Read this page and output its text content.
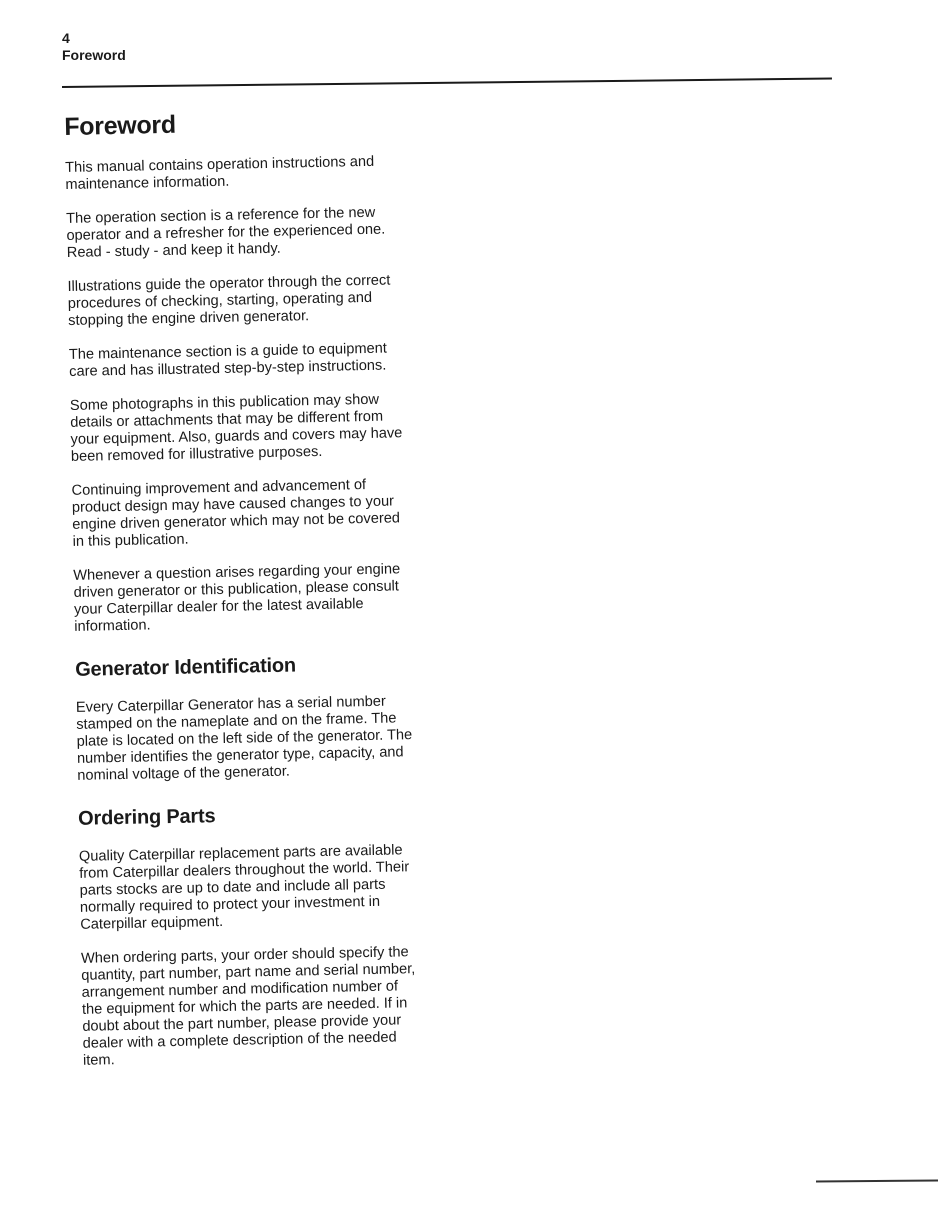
4
Foreword
Foreword

This manual contains operation instructions and
maintenance information.

The operation section is a reference for the new
operator and a refresher for the experienced one.
Read - study - and keep it handy.

Illustrations guide the operator through the correct
procedures of checking, starting, operating and
stopping the engine driven generator.

The maintenance section is a guide to equipment
care and has illustrated step-by-step instructions.

Some photographs in this publication may show
details or attachments that may be different from
your equipment. Also, guards and covers may have
been removed for illustrative purposes.

Continuing improvement and advancement of
product design may have caused changes to your
engine driven generator which may not be covered
in this publication.

Whenever a question arises regarding your engine
driven generator or this publication, please consult
your Caterpillar dealer for the latest available
information.

Generator Identification

Every Caterpillar Generator has a serial number
stamped on the nameplate and on the frame. The
plate is located on the left side of the generator. The
number identifies the generator type, capacity, and
nominal voltage of the generator.

Ordering Parts

Quality Caterpillar replacement parts are available
from Caterpillar dealers throughout the world. Their
parts stocks are up to date and include all parts
normally required to protect your investment in
Caterpillar equipment.

When ordering parts, your order should specify the
quantity, part number, part name and serial number,
arrangement number and modification number of
the equipment for which the parts are needed. If in
doubt about the part number, please provide your
dealer with a complete description of the needed
item.
